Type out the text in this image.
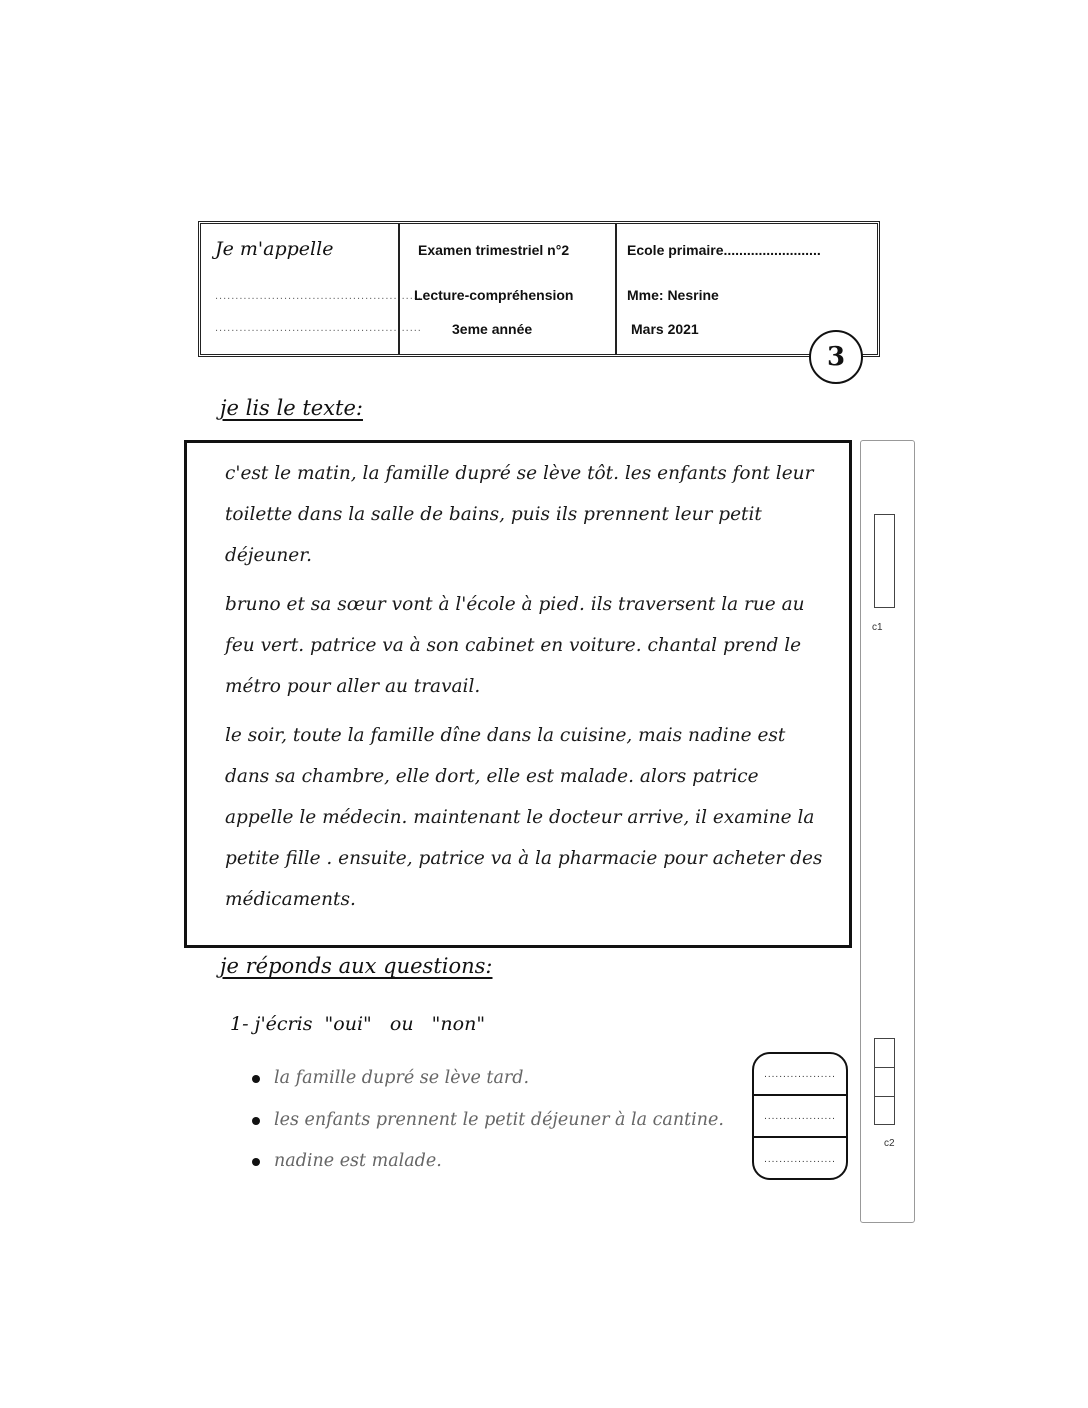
Je m'appelle
...................................................
...................................................
Examen trimestriel n°2
Lecture-compréhension
3eme année
Ecole primaire.........................
Mme: Nesrine
Mars 2021
3
je lis le texte:

c'est le matin, la famille dupré se lève tôt. les enfants font leur toilette dans la salle de bains, puis ils prennent leur petit déjeuner.

bruno et sa sœur vont à l'école à pied. ils traversent la rue au feu vert. patrice va à son cabinet en voiture. chantal prend le métro pour aller au travail.

le soir, toute la famille dîne dans la cuisine, mais nadine est dans sa chambre, elle dort, elle est malade. alors patrice appelle le médecin. maintenant le docteur arrive, il examine la petite fille . ensuite, patrice va à la pharmacie pour acheter des médicaments.

c1
c2
je réponds aux questions:
1- j'écris  "oui"   ou   "non"
la famille dupré se lève tard.
les enfants prennent le petit déjeuner à la cantine.
nadine est malade.
...................
...................
...................
